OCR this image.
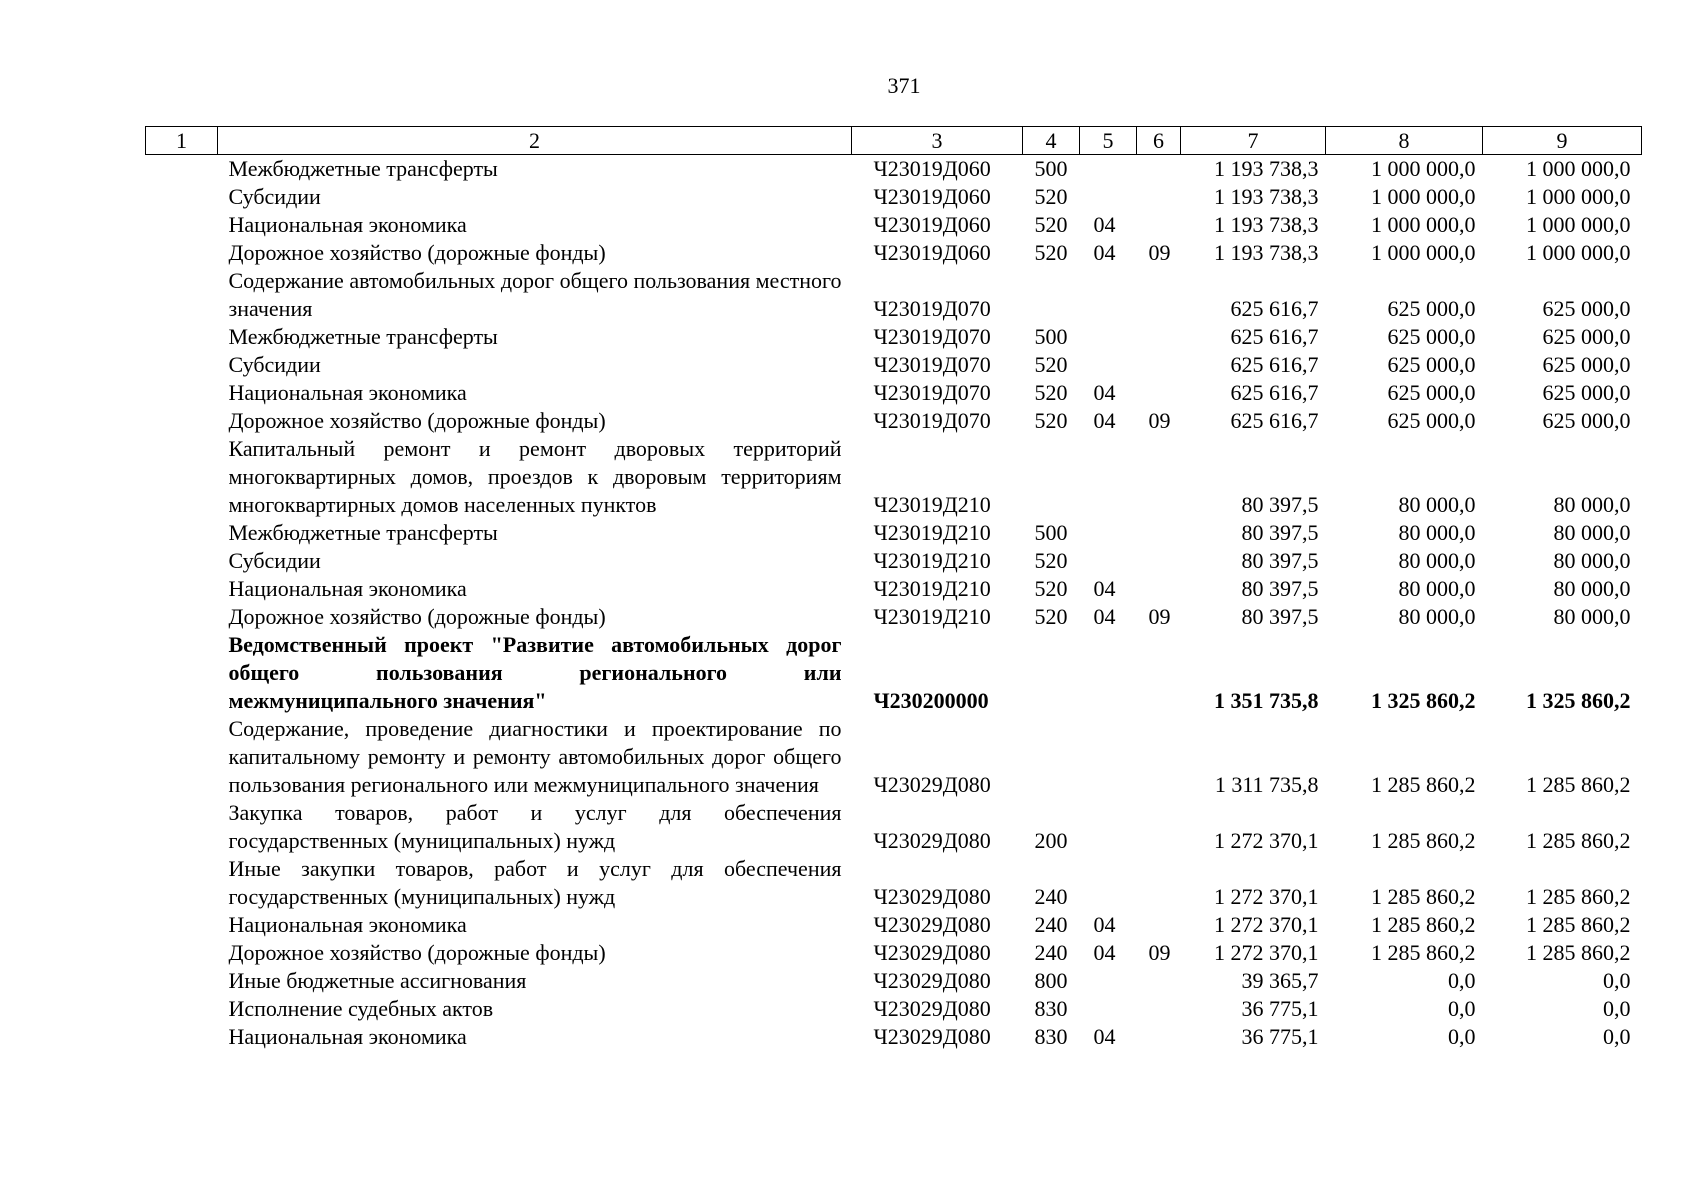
371
1	2	3	4	5	6	7	8	9
	Межбюджетные трансферты	Ч23019Д060	500			1 193 738,3	1 000 000,0	1 000 000,0
	Субсидии	Ч23019Д060	520			1 193 738,3	1 000 000,0	1 000 000,0
	Национальная экономика	Ч23019Д060	520	04		1 193 738,3	1 000 000,0	1 000 000,0
	Дорожное хозяйство (дорожные фонды)	Ч23019Д060	520	04	09	1 193 738,3	1 000 000,0	1 000 000,0
	Содержание автомобильных дорог общего пользования местного значения	Ч23019Д070				625 616,7	625 000,0	625 000,0
	Межбюджетные трансферты	Ч23019Д070	500			625 616,7	625 000,0	625 000,0
	Субсидии	Ч23019Д070	520			625 616,7	625 000,0	625 000,0
	Национальная экономика	Ч23019Д070	520	04		625 616,7	625 000,0	625 000,0
	Дорожное хозяйство (дорожные фонды)	Ч23019Д070	520	04	09	625 616,7	625 000,0	625 000,0
	Капитальный ремонт и ремонт дворовых территорий многоквартирных домов, проездов к дворовым территориям многоквартирных домов населенных пунктов	Ч23019Д210				80 397,5	80 000,0	80 000,0
	Межбюджетные трансферты	Ч23019Д210	500			80 397,5	80 000,0	80 000,0
	Субсидии	Ч23019Д210	520			80 397,5	80 000,0	80 000,0
	Национальная экономика	Ч23019Д210	520	04		80 397,5	80 000,0	80 000,0
	Дорожное хозяйство (дорожные фонды)	Ч23019Д210	520	04	09	80 397,5	80 000,0	80 000,0
	Ведомственный проект "Развитие автомобильных дорог общего пользования регионального или межмуниципального значения"	Ч230200000				1 351 735,8	1 325 860,2	1 325 860,2
	Содержание, проведение диагностики и проектирование по капитальному ремонту и ремонту автомобильных дорог общего пользования регионального или межмуниципального значения	Ч23029Д080				1 311 735,8	1 285 860,2	1 285 860,2
	Закупка товаров, работ и услуг для обеспечения государственных (муниципальных) нужд	Ч23029Д080	200			1 272 370,1	1 285 860,2	1 285 860,2
	Иные закупки товаров, работ и услуг для обеспечения государственных (муниципальных) нужд	Ч23029Д080	240			1 272 370,1	1 285 860,2	1 285 860,2
	Национальная экономика	Ч23029Д080	240	04		1 272 370,1	1 285 860,2	1 285 860,2
	Дорожное хозяйство (дорожные фонды)	Ч23029Д080	240	04	09	1 272 370,1	1 285 860,2	1 285 860,2
	Иные бюджетные ассигнования	Ч23029Д080	800			39 365,7	0,0	0,0
	Исполнение судебных актов	Ч23029Д080	830			36 775,1	0,0	0,0
	Национальная экономика	Ч23029Д080	830	04		36 775,1	0,0	0,0
